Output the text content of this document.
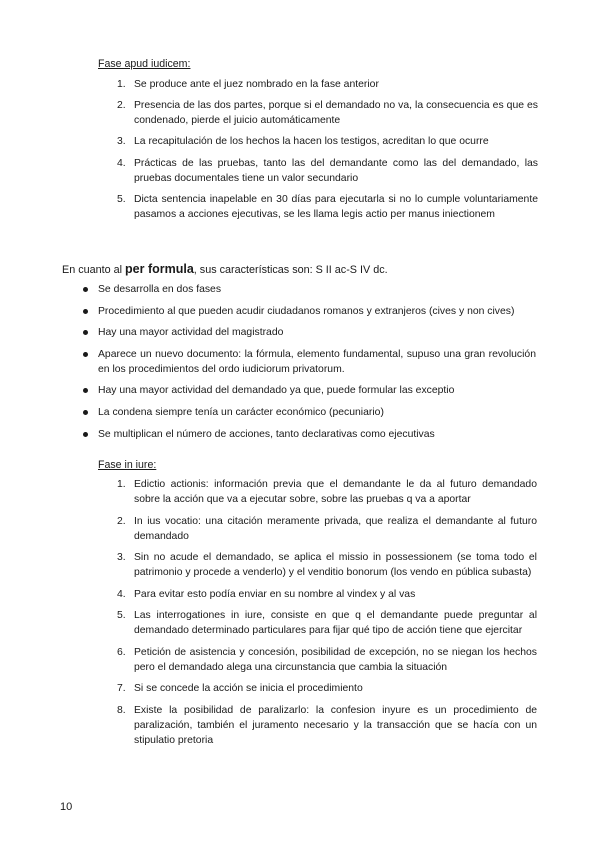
Fase apud iudicem:
1. Se produce ante el juez nombrado en la fase anterior
2. Presencia de las dos partes, porque si el demandado no va, la consecuencia es que es condenado, pierde el juicio automáticamente
3. La recapitulación de los hechos la hacen los testigos, acreditan lo que ocurre
4. Prácticas de las pruebas, tanto las del demandante como las del demandado, las pruebas documentales tiene un valor secundario
5. Dicta sentencia inapelable en 30 días para ejecutarla si no lo cumple voluntariamente pasamos a acciones ejecutivas, se les llama legis actio per manus iniectionem
En cuanto al per formula, sus características son: S II ac-S IV dc.
Se desarrolla en dos fases
Procedimiento al que pueden acudir ciudadanos romanos y extranjeros (cives y non cives)
Hay una mayor actividad del magistrado
Aparece un nuevo documento: la fórmula, elemento fundamental, supuso una gran revolución en los procedimientos del ordo iudiciorum privatorum.
Hay una mayor actividad del demandado ya que, puede formular las exceptio
La condena siempre tenía un carácter económico (pecuniario)
Se multiplican el número de acciones, tanto declarativas como ejecutivas
Fase in iure:
1. Edictio actionis: información previa que el demandante le da al futuro demandado sobre la acción que va a ejecutar sobre, sobre las pruebas q va a aportar
2. In ius vocatio: una citación meramente privada, que realiza el demandante al futuro demandado
3. Sin no acude el demandado, se aplica el missio in possessionem (se toma todo el patrimonio y procede a venderlo) y el venditio bonorum (los vendo en pública subasta)
4. Para evitar esto podía enviar en su nombre al vindex y al vas
5. Las interrogationes in iure, consiste en que q el demandante puede preguntar al demandado determinado particulares para fijar qué tipo de acción tiene que ejercitar
6. Petición de asistencia y concesión, posibilidad de excepción, no se niegan los hechos pero el demandado alega una circunstancia que cambia la situación
7. Si se concede la acción se inicia el procedimiento
8. Existe la posibilidad de paralizarlo: la confesion inyure es un procedimiento de paralización, también el juramento necesario y la transacción que se hacía con un stipulatio pretoria
10
